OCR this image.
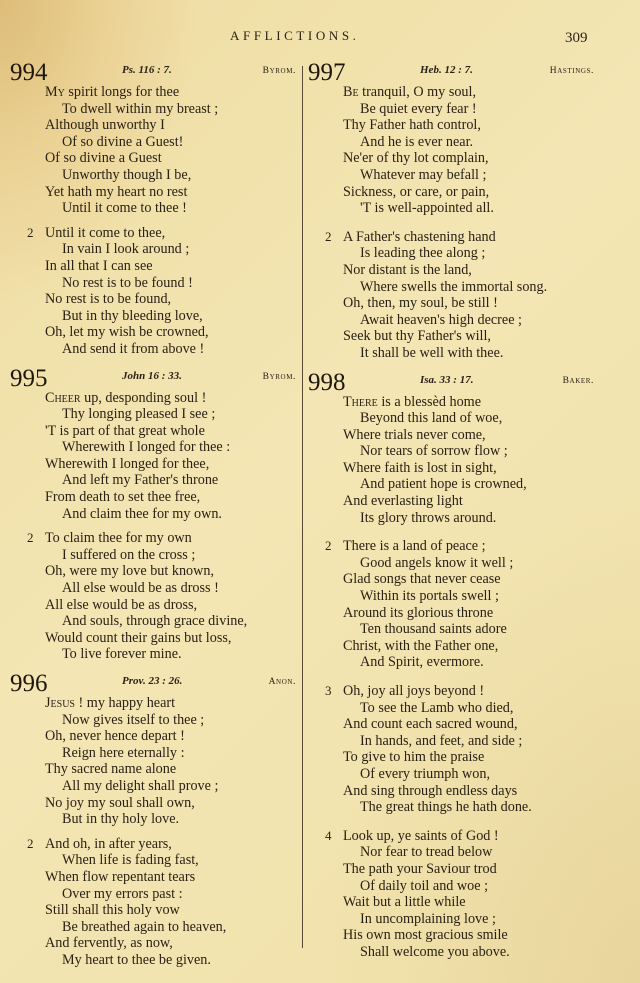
AFFLICTIONS.	309
994	Ps. 116 : 7.	Byrom.
My spirit longs for thee
To dwell within my breast ;
Although unworthy I
Of so divine a Guest!
Of so divine a Guest
Unworthy though I be,
Yet hath my heart no rest
Until it come to thee !
2 Until it come to thee,
In vain I look around ;
In all that I can see
No rest is to be found !
No rest is to be found,
But in thy bleeding love,
Oh, let my wish be crowned,
And send it from above !
995	John 16 : 33.	Byrom.
Cheer up, desponding soul !
Thy longing pleased I see ;
'T is part of that great whole
Wherewith I longed for thee :
Wherewith I longed for thee,
And left my Father's throne
From death to set thee free,
And claim thee for my own.
2 To claim thee for my own
I suffered on the cross ;
Oh, were my love but known,
All else would be as dross !
All else would be as dross,
And souls, through grace divine,
Would count their gains but loss,
To live forever mine.
996	Prov. 23 : 26.	Anon.
Jesus ! my happy heart
Now gives itself to thee ;
Oh, never hence depart !
Reign here eternally :
Thy sacred name alone
All my delight shall prove ;
No joy my soul shall own,
But in thy holy love.
2 And oh, in after years,
When life is fading fast,
When flow repentant tears
Over my errors past :
Still shall this holy vow
Be breathed again to heaven,
And fervently, as now,
My heart to thee be given.
997	Heb. 12 : 7.	Hastings.
Be tranquil, O my soul,
Be quiet every fear !
Thy Father hath control,
And he is ever near.
Ne'er of thy lot complain,
Whatever may befall ;
Sickness, or care, or pain,
'T is well-appointed all.
2 A Father's chastening hand
Is leading thee along ;
Nor distant is the land,
Where swells the immortal song.
Oh, then, my soul, be still !
Await heaven's high decree ;
Seek but thy Father's will,
It shall be well with thee.
998	Isa. 33 : 17.	Baker.
There is a blessèd home
Beyond this land of woe,
Where trials never come,
Nor tears of sorrow flow ;
Where faith is lost in sight,
And patient hope is crowned,
And everlasting light
Its glory throws around.
2 There is a land of peace ;
Good angels know it well ;
Glad songs that never cease
Within its portals swell ;
Around its glorious throne
Ten thousand saints adore
Christ, with the Father one,
And Spirit, evermore.
3 Oh, joy all joys beyond !
To see the Lamb who died,
And count each sacred wound,
In hands, and feet, and side ;
To give to him the praise
Of every triumph won,
And sing through endless days
The great things he hath done.
4 Look up, ye saints of God !
Nor fear to tread below
The path your Saviour trod
Of daily toil and woe ;
Wait but a little while
In uncomplaining love ;
His own most gracious smile
Shall welcome you above.
